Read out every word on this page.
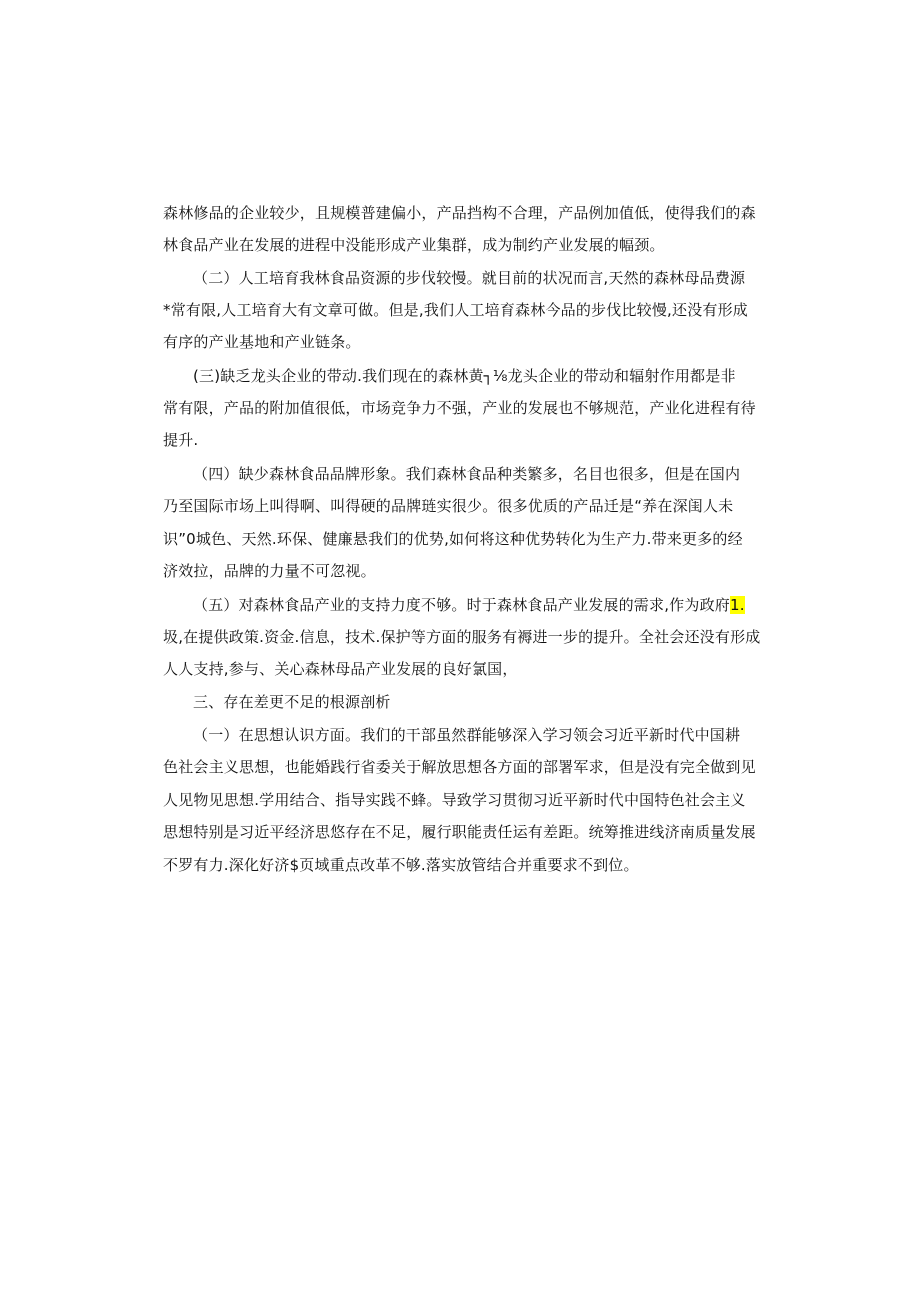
森林修品的企业较少，且规模普建偏小，产品挡构不合理，产品例加值低，使得我们的森
林食品产业在发展的进程中没能形成产业集群，成为制约产业发展的幅颈。
（二）人工培育我林食品资源的步伐较慢。就目前的状况而言,天然的森林母品费源
*常有限,人工培育大有文章可做。但是,我们人工培育森林今品的步伐比较慢,还没有形成
有序的产业基地和产业链条。
(三)缺乏龙头企业的带动.我们现在的森林黄┐⅛龙头企业的带动和辐射作用都是非
常有限，产品的附加值很低，市场竞争力不强，产业的发展也不够规范，产业化进程有待
提升.
（四）缺少森林食品品牌形象。我们森林食品种类繁多，名目也很多，但是在国内
乃至国际市场上叫得啊、叫得硬的品牌琏实很少。很多优质的产品迁是“养在深闺人未
识”0城色、天然.环保、健廉悬我们的优势,如何将这种优势转化为生产力.带来更多的经
济效拉，品牌的力量不可忽视。
（五）对森林食品产业的支持力度不够。时于森林食品产业发展的需求,作为政府1.
圾,在提供政策.资金.信息，技术.保护等方面的服务有褥进一步的提升。全社会还没有形成
人人支持,参与、关心森林母品产业发展的良好氯国，
三、存在差更不足的根源剖析
（一）在思想认识方面。我们的干部虽然群能够深入学习领会习近平新时代中国耕
色社会主义思想，也能婚践行省委关于解放思想各方面的部署军求，但是没有完全做到见
人见物见思想.学用结合、指导实践不蜂。导致学习贯彻习近平新时代中国特色社会主义
思想特别是习近平经济思悠存在不足，履行职能责任运有差距。统筹推进线济南质量发展
不罗有力.深化好济$页域重点改革不够.落实放管结合并重要求不到位。
